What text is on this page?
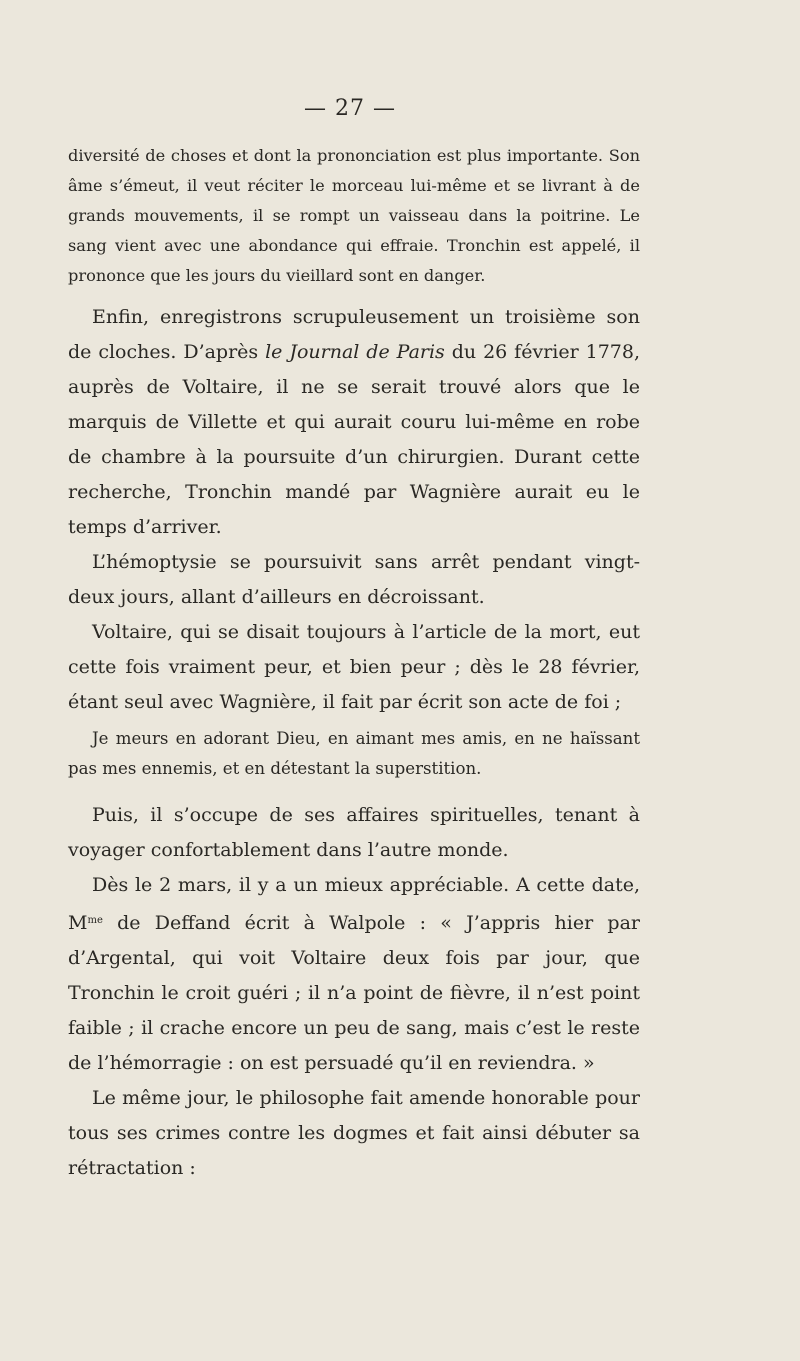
— 27 —

diversité de choses et dont la prononciation est plus importante. Son âme s’émeut, il veut réciter le morceau lui-même et se livrant à de grands mouvements, il se rompt un vaisseau dans la poitrine. Le sang vient avec une abondance qui effraie. Tronchin est appelé, il prononce que les jours du vieillard sont en danger.

Enfin, enregistrons scrupuleusement un troisième son de cloches. D’après le Journal de Paris du 26 février 1778, auprès de Voltaire, il ne se serait trouvé alors que le marquis de Villette et qui aurait couru lui-même en robe de chambre à la poursuite d’un chirurgien. Durant cette recherche, Tronchin mandé par Wagnière aurait eu le temps d’arriver.

L’hémoptysie se poursuivit sans arrêt pendant vingt-deux jours, allant d’ailleurs en décroissant.

Voltaire, qui se disait toujours à l’article de la mort, eut cette fois vraiment peur, et bien peur ; dès le 28 février, étant seul avec Wagnière, il fait par écrit son acte de foi ;

Je meurs en adorant Dieu, en aimant mes amis, en ne haïssant pas mes ennemis, et en détestant la superstition.

Puis, il s’occupe de ses affaires spirituelles, tenant à voyager confortablement dans l’autre monde.

Dès le 2 mars, il y a un mieux appréciable. A cette date, $M^{me}$ de Deffand écrit à Walpole : « J’appris hier par d’Argental, qui voit Voltaire deux fois par jour, que Tronchin le croit guéri ; il n’a point de fièvre, il n’est point faible ; il crache encore un peu de sang, mais c’est le reste de l’hémorragie : on est persuadé qu’il en reviendra. »

Le même jour, le philosophe fait amende honorable pour tous ses crimes contre les dogmes et fait ainsi débuter sa rétractation :
